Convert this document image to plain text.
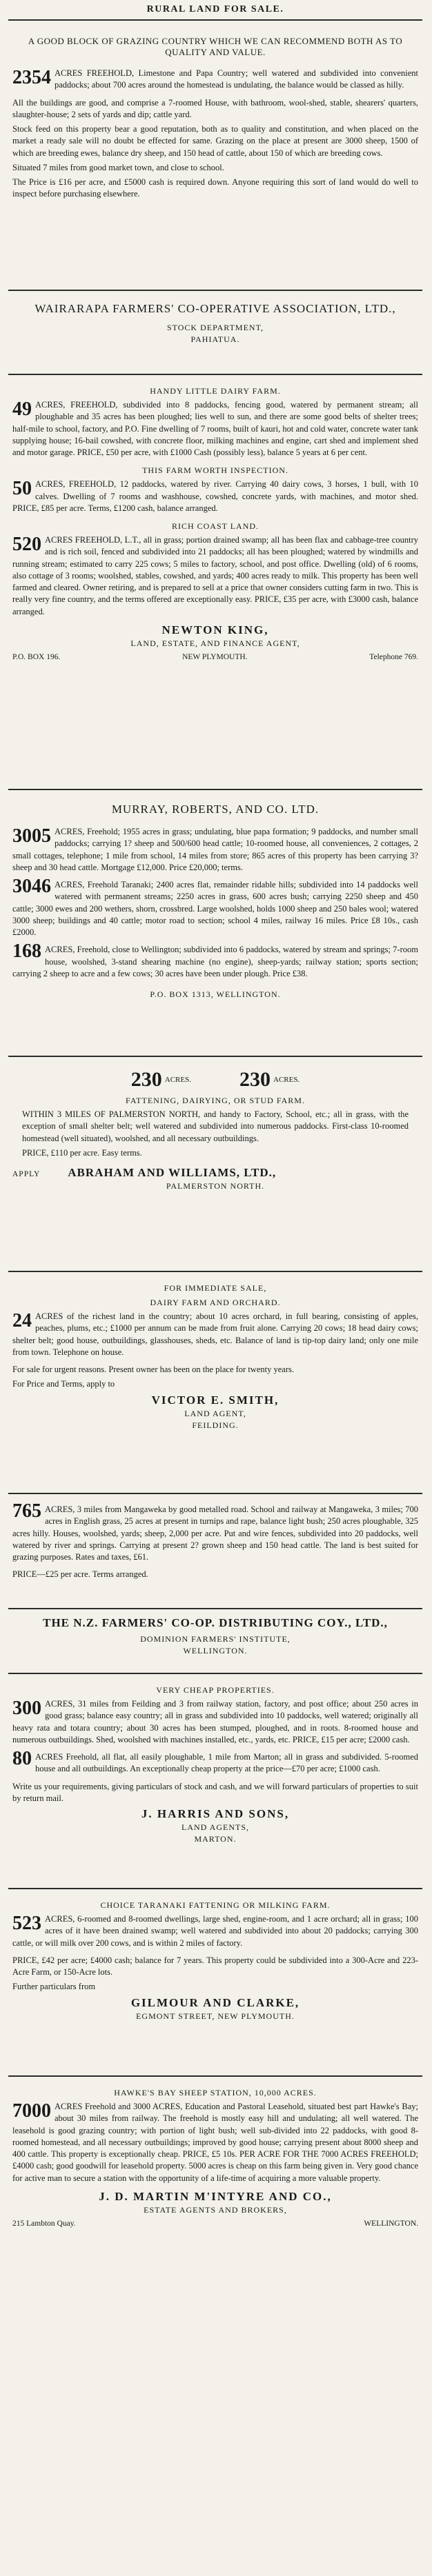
RURAL LAND FOR SALE.
A GOOD BLOCK OF GRAZING COUNTRY WHICH WE CAN RECOMMEND BOTH AS TO QUALITY AND VALUE.
2354 ACRES FREEHOLD, Limestone and Papa Country; well watered and subdivided into convenient paddocks; about 700 acres around the homestead is undulating, the balance would be classed as hilly.

All the buildings are good, and comprise a 7-roomed House, with bathroom, wool-shed, stable, shearers' quarters, slaughter-house; 2 sets of yards and dip; cattle yard.

Stock feed on this property bear a good reputation, both as to quality and constitution, and when placed on the market a ready sale will no doubt be effected for same. Grazing on the place at present are 3000 sheep, 1500 of which are breeding ewes, balance dry sheep, and 150 head of cattle, about 150 of which are breeding cows.

Situated 7 miles from good market town, and close to school.

The Price is £16 per acre, and £5000 cash is required down. Anyone requiring this sort of land would do well to inspect before purchasing elsewhere.

WAIRARAPA FARMERS' CO-OPERATIVE ASSOCIATION, LTD.,
STOCK DEPARTMENT,
PAHIATUA.
HANDY LITTLE DAIRY FARM.
49 ACRES, FREEHOLD, subdivided into 8 paddocks, fencing good, watered by permanent stream; all ploughable and 35 acres has been ploughed; lies well to sun, and there are some good belts of shelter trees; half-mile to school, factory, and P.O. Fine dwelling of 7 rooms, built of kauri, hot and cold water, concrete water tank supplying house; 16-bail cowshed, with concrete floor, milking machines and engine, cart shed and implement shed and motor garage. PRICE, £50 per acre, with £1000 Cash (possibly less), balance 5 years at 6 per cent.

THIS FARM WORTH INSPECTION.
50 ACRES, FREEHOLD, 12 paddocks, watered by river. Carrying 40 dairy cows, 3 horses, 1 bull, with 10 calves. Dwelling of 7 rooms and washhouse, cowshed, concrete yards, with machines, and motor shed. PRICE, £85 per acre. Terms, £1200 cash, balance arranged.

RICH COAST LAND.
520 ACRES FREEHOLD, L.T., all in grass; portion drained swamp; all has been flax and cabbage-tree country and is rich soil, fenced and subdivided into 21 paddocks; all has been ploughed; watered by windmills and running stream; estimated to carry 225 cows; 5 miles to factory, school, and post office. Dwelling (old) of 6 rooms, also cottage of 3 rooms; woolshed, stables, cowshed, and yards; 400 acres ready to milk. This property has been well farmed and cleared. Owner retiring, and is prepared to sell at a price that owner considers cutting farm in two. This is really very fine country, and the terms offered are exceptionally easy. PRICE, £35 per acre, with £3000 cash, balance arranged.

NEWTON KING,
LAND, ESTATE, AND FINANCE AGENT,
P.O. BOX 196.	NEW PLYMOUTH.	Telephone 769.
MURRAY, ROBERTS, AND CO. LTD.
3005 ACRES, Freehold; 1955 acres in grass; undulating, blue papa formation; 9 paddocks, and number small paddocks; carrying 1? sheep and 500/600 head cattle; 10-roomed house, all conveniences, 2 cottages, 2 small cottages, telephone; 1 mile from school, 14 miles from store; 865 acres of this property has been carrying 3? sheep and 30 head cattle. Mortgage £12,000. Price £20,000; terms.

3046 ACRES, Freehold Taranaki; 2400 acres flat, remainder ridable hills; subdivided into 14 paddocks well watered with permanent streams; 2250 acres in grass, 600 acres bush; carrying 2250 sheep and 450 cattle; 3000 ewes and 200 wethers, shorn, crossbred. Large woolshed, holds 1000 sheep and 250 bales wool; watered 3000 sheep; buildings and 40 cattle; motor road to section; school 4 miles, railway 16 miles. Price £8 10s., cash £2000.

168 ACRES, Freehold, close to Wellington; subdivided into 6 paddocks, watered by stream and springs; 7-room house, woolshed, 3-stand shearing machine (no engine), sheep-yards; railway station; sports section; carrying 2 sheep to acre and a few cows; 30 acres have been under plough. Price £38.

P.O. BOX 1313, WELLINGTON.
230 ACRES. 230 ACRES.
FATTENING, DAIRYING, OR STUD FARM.

WITHIN 3 MILES OF PALMERSTON NORTH, and handy to Factory, School, etc.; all in grass, with the exception of small shelter belt; well watered and subdivided into numerous paddocks. First-class 10-roomed homestead (well situated), woolshed, and all necessary outbuildings.

PRICE, £110 per acre. Easy terms.

APPLY ABRAHAM AND WILLIAMS, LTD.,
PALMERSTON NORTH.
FOR IMMEDIATE SALE,
DAIRY FARM AND ORCHARD.
24 ACRES of the richest land in the country; about 10 acres orchard, in full bearing, consisting of apples, peaches, plums, etc.; £1000 per annum can be made from fruit alone. Carrying 20 cows; 18 head dairy cows; shelter belt; good house, outbuildings, glasshouses, sheds, etc. Balance of land is tip-top dairy land; only one mile from town. Telephone on house.

For sale for urgent reasons. Present owner has been on the place for twenty years.

For Price and Terms, apply to

VICTOR E. SMITH,
LAND AGENT,
FEILDING.
765 ACRES, 3 miles from Mangaweka by good metalled road. School and railway at Mangaweka, 3 miles; 700 acres in English grass, 25 acres at present in turnips and rape, balance light bush; 250 acres ploughable, 325 acres hilly. Houses, woolshed, yards; sheep, 2,000 per acre. Put and wire fences, subdivided into 20 paddocks, well watered by river and springs. Carrying at present 2? grown sheep and 150 head cattle. The land is best suited for grazing purposes. Rates and taxes, £61.

PRICE—£25 per acre. Terms arranged.

THE N.Z. FARMERS' CO-OP. DISTRIBUTING COY., LTD.,
DOMINION FARMERS' INSTITUTE,
WELLINGTON.
VERY CHEAP PROPERTIES.
300 ACRES, 31 miles from Feilding and 3 from railway station, factory, and post office; about 250 acres in good grass; balance easy country; all in grass and subdivided into 10 paddocks, well watered; originally all heavy rata and totara country; about 30 acres has been stumped, ploughed, and in roots. 8-roomed house and numerous outbuildings. Shed, woolshed with machines installed, etc., yards, etc. PRICE, £15 per acre; £2000 cash.

80 ACRES Freehold, all flat, all easily ploughable, 1 mile from Marton; all in grass and subdivided. 5-roomed house and all outbuildings. An exceptionally cheap property at the price—£70 per acre; £1000 cash.

Write us your requirements, giving particulars of stock and cash, and we will forward particulars of properties to suit by return mail.

J. HARRIS AND SONS,
LAND AGENTS,
MARTON.
CHOICE TARANAKI FATTENING OR MILKING FARM.
523 ACRES, 6-roomed and 8-roomed dwellings, large shed, engine-room, and 1 acre orchard; all in grass; 100 acres of it have been drained swamp; well watered and subdivided into about 20 paddocks; carrying 300 cattle, or will milk over 200 cows, and is within 2 miles of factory.

PRICE, £42 per acre; £4000 cash; balance for 7 years. This property could be subdivided into a 300-Acre and 223-Acre Farm, or 150-Acre lots.

Further particulars from

GILMOUR AND CLARKE,
EGMONT STREET, NEW PLYMOUTH.
HAWKE'S BAY SHEEP STATION, 10,000 ACRES.
7000 ACRES Freehold and 3000 ACRES, Education and Pastoral Leasehold, situated best part Hawke's Bay; about 30 miles from railway. The freehold is mostly easy hill and undulating; all well watered. The leasehold is good grazing country; with portion of light bush; well sub-divided into 22 paddocks, with good 8-roomed homestead, and all necessary outbuildings; improved by good house; carrying present about 8000 sheep and 400 cattle. This property is exceptionally cheap. PRICE, £5 10s. PER ACRE FOR THE 7000 ACRES FREEHOLD; £4000 cash; good goodwill for leasehold property. 5000 acres is cheap on this farm being given in. Very good chance for active man to secure a station with the opportunity of a life-time of acquiring a more valuable property.

J. D. MARTIN M'INTYRE AND CO.,
ESTATE AGENTS AND BROKERS,
215 Lambton Quay.	WELLINGTON.
